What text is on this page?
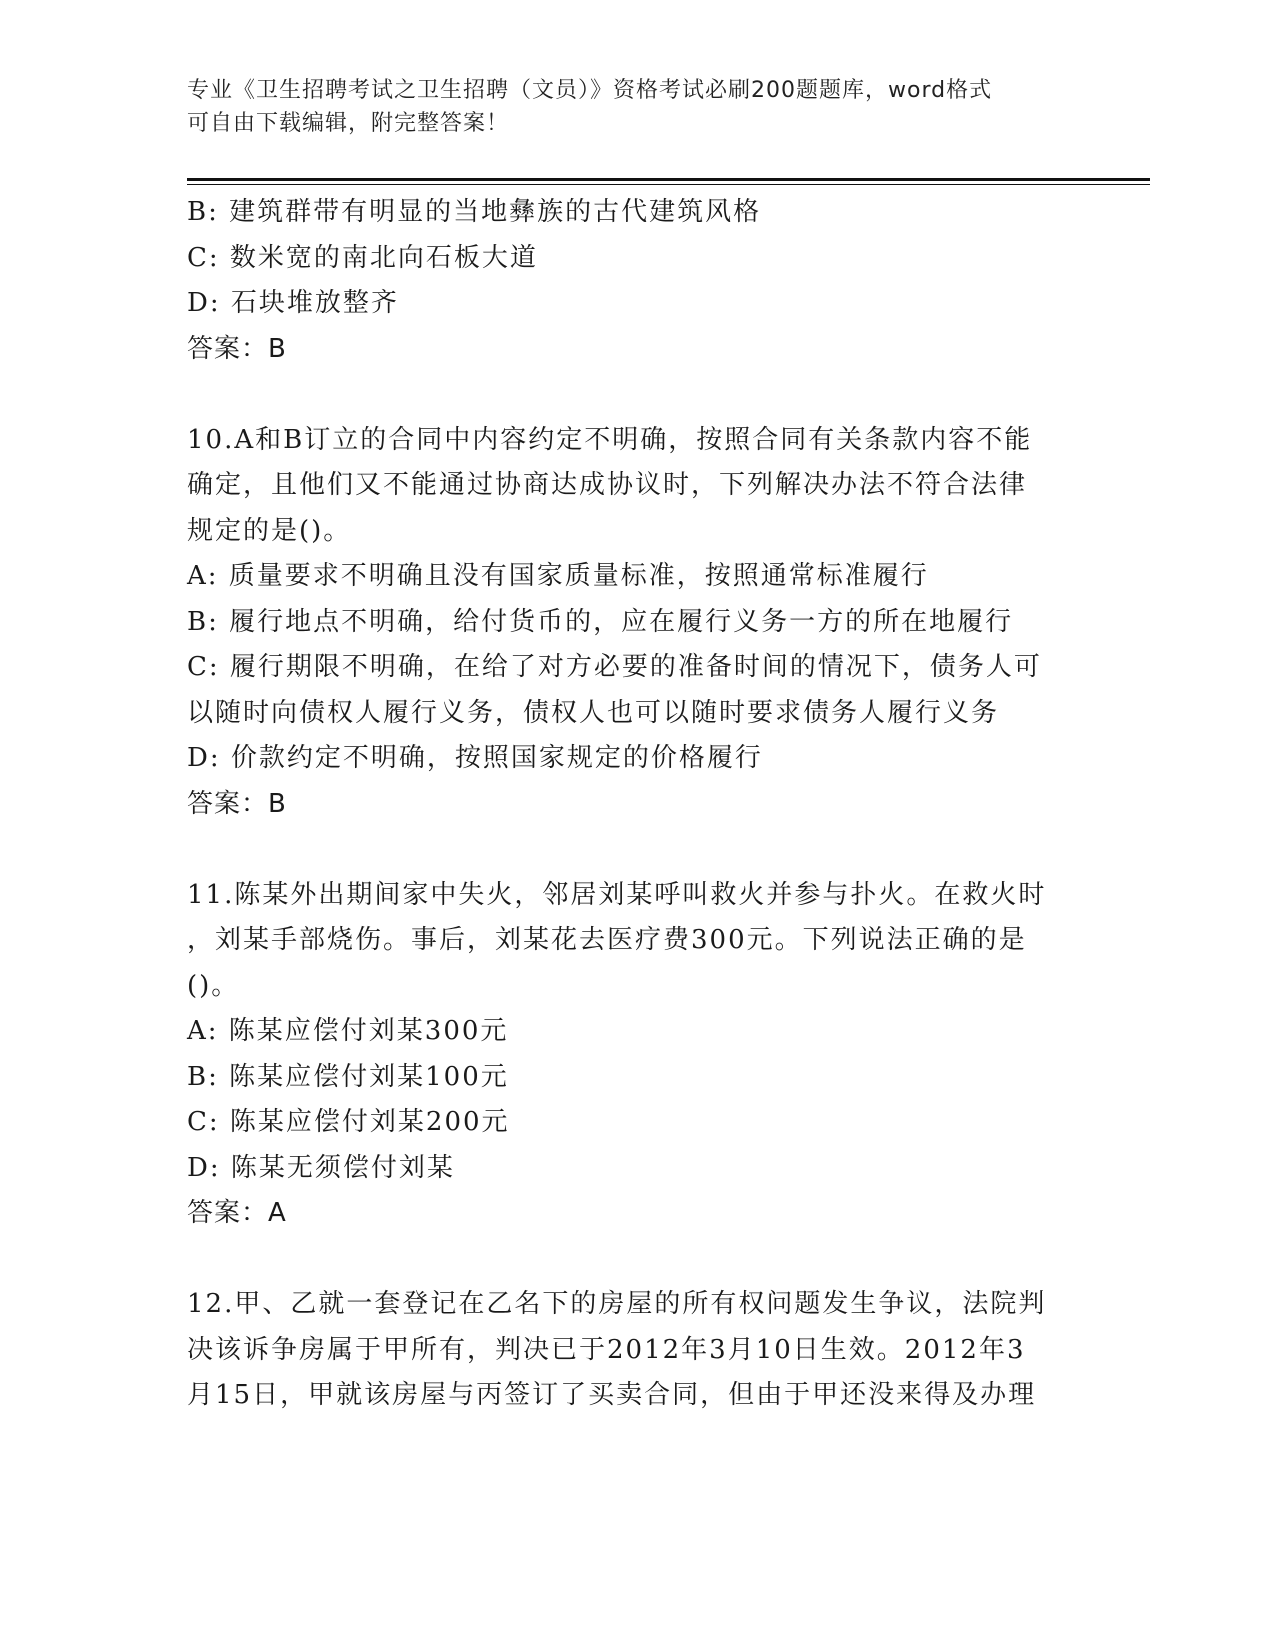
专业《卫生招聘考试之卫生招聘（文员）》资格考试必刷200题题库，word格式
可自由下载编辑，附完整答案！
B: 建筑群带有明显的当地彝族的古代建筑风格
C: 数米宽的南北向石板大道
D: 石块堆放整齐
答案：B
10.A和B订立的合同中内容约定不明确，按照合同有关条款内容不能
确定，且他们又不能通过协商达成协议时，下列解决办法不符合法律
规定的是()。
A: 质量要求不明确且没有国家质量标准，按照通常标准履行
B: 履行地点不明确，给付货币的，应在履行义务一方的所在地履行
C: 履行期限不明确，在给了对方必要的准备时间的情况下，债务人可
以随时向债权人履行义务，债权人也可以随时要求债务人履行义务
D: 价款约定不明确，按照国家规定的价格履行
答案：B
11.陈某外出期间家中失火，邻居刘某呼叫救火并参与扑火。在救火时
，刘某手部烧伤。事后，刘某花去医疗费300元。下列说法正确的是
()。
A: 陈某应偿付刘某300元
B: 陈某应偿付刘某100元
C: 陈某应偿付刘某200元
D: 陈某无须偿付刘某
答案：A
12.甲、乙就一套登记在乙名下的房屋的所有权问题发生争议，法院判
决该诉争房属于甲所有，判决已于2012年3月10日生效。2012年3
月15日，甲就该房屋与丙签订了买卖合同，但由于甲还没来得及办理
